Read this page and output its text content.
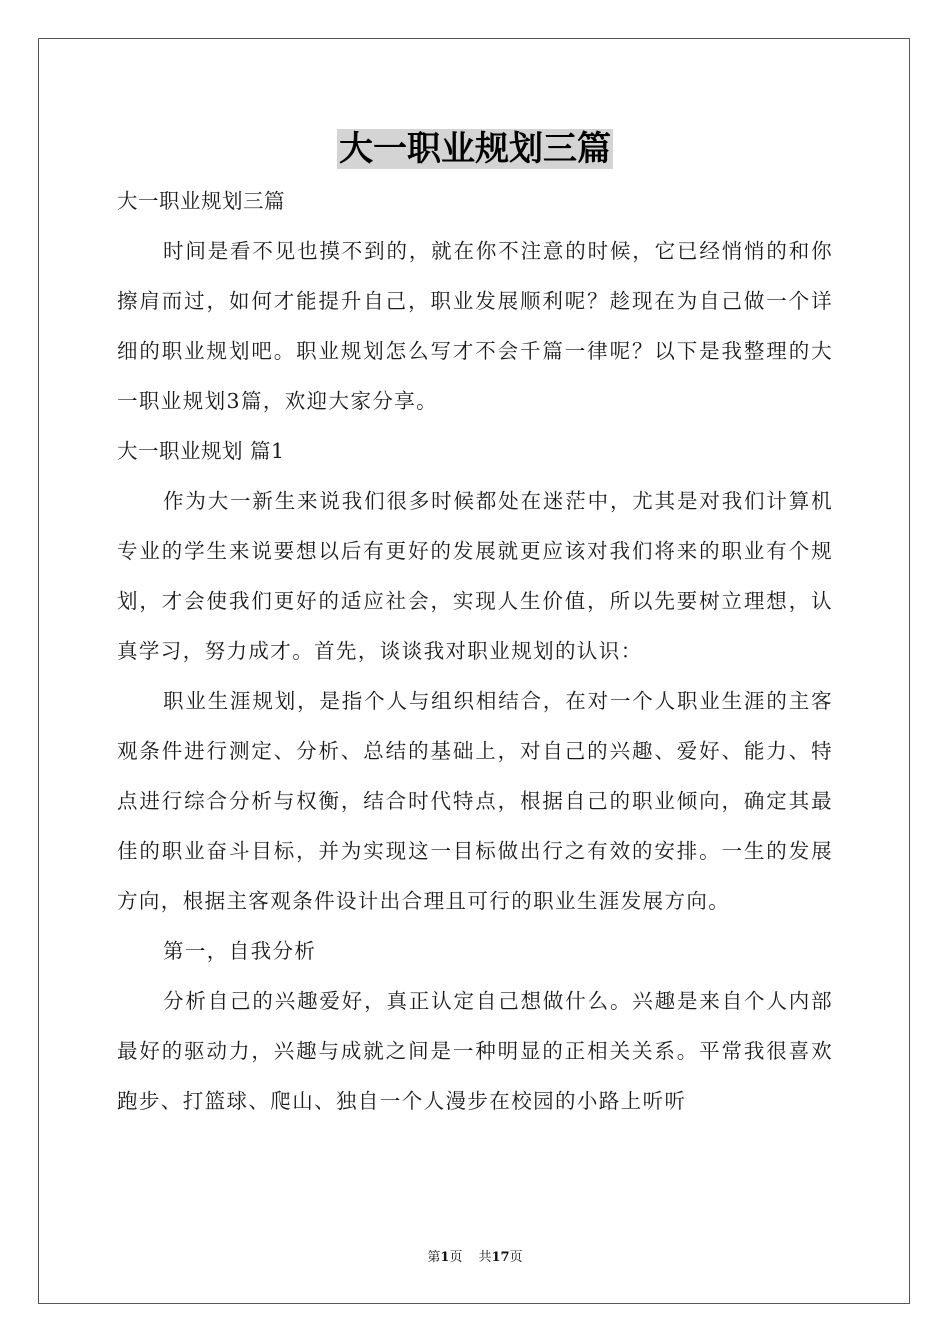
大一职业规划三篇

大一职业规划三篇

时间是看不见也摸不到的，就在你不注意的时候，它已经悄悄的和你擦肩而过，如何才能提升自己，职业发展顺利呢？趁现在为自己做一个详细的职业规划吧。职业规划怎么写才不会千篇一律呢？以下是我整理的大一职业规划3篇，欢迎大家分享。

大一职业规划 篇1

作为大一新生来说我们很多时候都处在迷茫中，尤其是对我们计算机专业的学生来说要想以后有更好的发展就更应该对我们将来的职业有个规划，才会使我们更好的适应社会，实现人生价值，所以先要树立理想，认真学习，努力成才。首先，谈谈我对职业规划的认识：

职业生涯规划，是指个人与组织相结合，在对一个人职业生涯的主客观条件进行测定、分析、总结的基础上，对自己的兴趣、爱好、能力、特点进行综合分析与权衡，结合时代特点，根据自己的职业倾向，确定其最佳的职业奋斗目标，并为实现这一目标做出行之有效的安排。一生的发展方向，根据主客观条件设计出合理且可行的职业生涯发展方向。

第一，自我分析

分析自己的兴趣爱好，真正认定自己想做什么。兴趣是来自个人内部最好的驱动力，兴趣与成就之间是一种明显的正相关关系。平常我很喜欢跑步、打篮球、爬山、独自一个人漫步在校园的小路上听听

第1页 共17页
